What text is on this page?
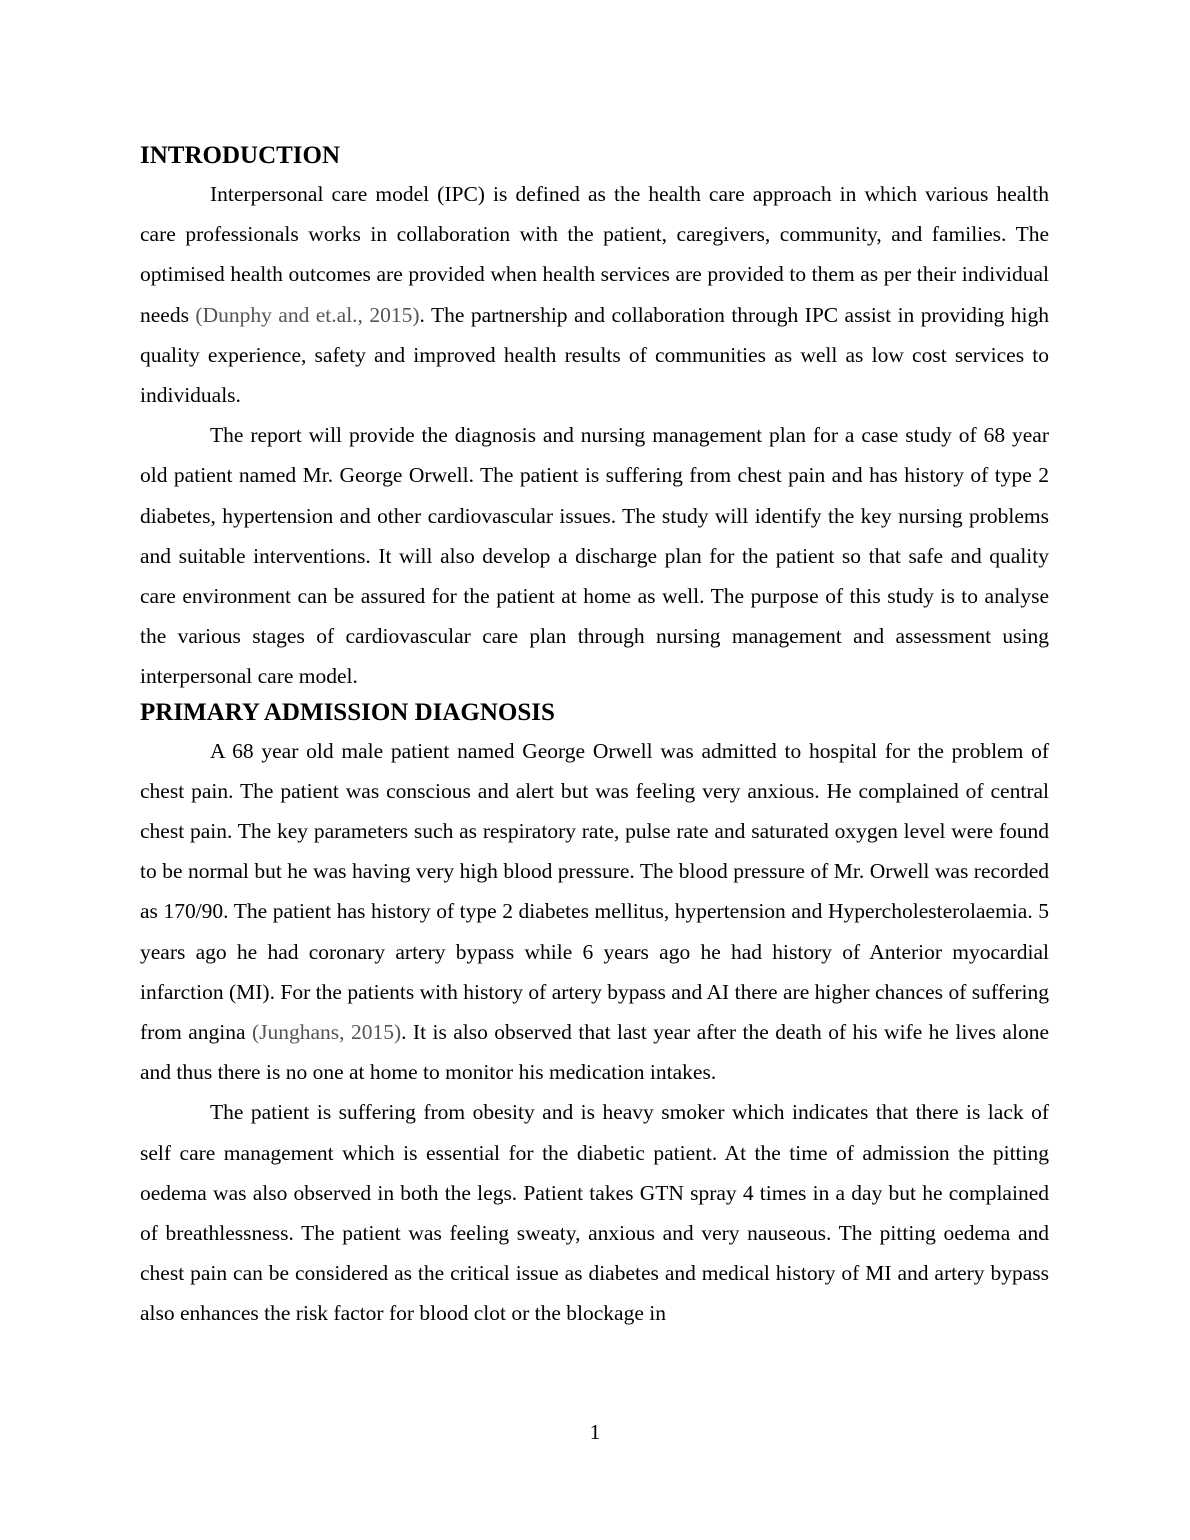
INTRODUCTION

Interpersonal care model (IPC) is defined as the health care approach in which various health care professionals works in collaboration with the patient, caregivers, community, and families. The optimised health outcomes are provided when health services are provided to them as per their individual needs (Dunphy and et.al., 2015). The partnership and collaboration through IPC assist in providing high quality experience, safety and improved health results of communities as well as low cost services to individuals.

The report will provide the diagnosis and nursing management plan for a case study of 68 year old patient named Mr. George Orwell. The patient is suffering from chest pain and has history of type 2 diabetes, hypertension and other cardiovascular issues. The study will identify the key nursing problems and suitable interventions. It will also develop a discharge plan for the patient so that safe and quality care environment can be assured for the patient at home as well. The purpose of this study is to analyse the various stages of cardiovascular care plan through nursing management and assessment using interpersonal care model.

PRIMARY ADMISSION DIAGNOSIS

A 68 year old male patient named George Orwell was admitted to hospital for the problem of chest pain. The patient was conscious and alert but was feeling very anxious. He complained of central chest pain. The key parameters such as respiratory rate, pulse rate and saturated oxygen level were found to be normal but he was having very high blood pressure. The blood pressure of Mr. Orwell was recorded as 170/90. The patient has history of type 2 diabetes mellitus, hypertension and Hypercholesterolaemia. 5 years ago he had coronary artery bypass while 6 years ago he had history of Anterior myocardial infarction (MI). For the patients with history of artery bypass and AI there are higher chances of suffering from angina (Junghans, 2015). It is also observed that last year after the death of his wife he lives alone and thus there is no one at home to monitor his medication intakes.

The patient is suffering from obesity and is heavy smoker which indicates that there is lack of self care management which is essential for the diabetic patient. At the time of admission the pitting oedema was also observed in both the legs. Patient takes GTN spray 4 times in a day but he complained of breathlessness. The patient was feeling sweaty, anxious and very nauseous. The pitting oedema and chest pain can be considered as the critical issue as diabetes and medical history of MI and artery bypass also enhances the risk factor for blood clot or the blockage in

1
